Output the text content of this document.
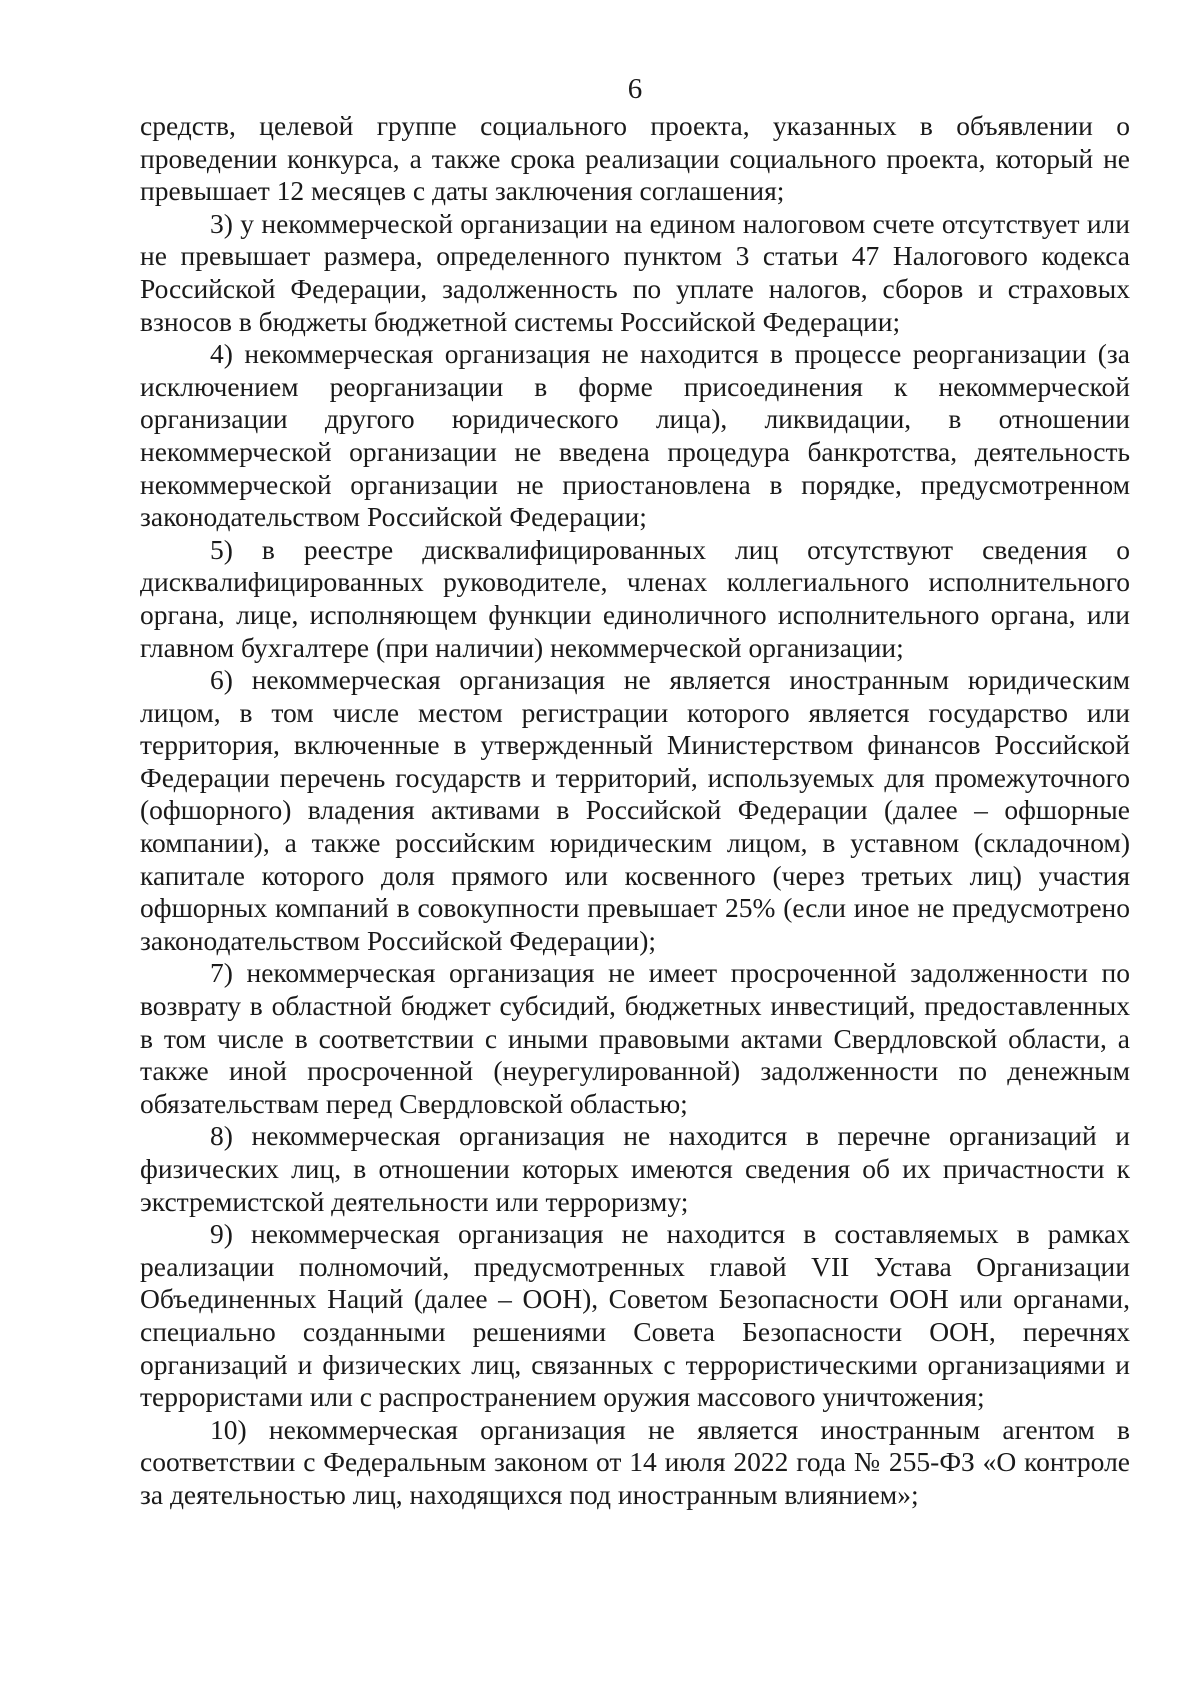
6

средств, целевой группе социального проекта, указанных в объявлении о проведении конкурса, а также срока реализации социального проекта, который не превышает 12 месяцев с даты заключения соглашения;

3) у некоммерческой организации на едином налоговом счете отсутствует или не превышает размера, определенного пунктом 3 статьи 47 Налогового кодекса Российской Федерации, задолженность по уплате налогов, сборов и страховых взносов в бюджеты бюджетной системы Российской Федерации;

4) некоммерческая организация не находится в процессе реорганизации (за исключением реорганизации в форме присоединения к некоммерческой организации другого юридического лица), ликвидации, в отношении некоммерческой организации не введена процедура банкротства, деятельность некоммерческой организации не приостановлена в порядке, предусмотренном законодательством Российской Федерации;

5) в реестре дисквалифицированных лиц отсутствуют сведения о дисквалифицированных руководителе, членах коллегиального исполнительного органа, лице, исполняющем функции единоличного исполнительного органа, или главном бухгалтере (при наличии) некоммерческой организации;

6) некоммерческая организация не является иностранным юридическим лицом, в том числе местом регистрации которого является государство или территория, включенные в утвержденный Министерством финансов Российской Федерации перечень государств и территорий, используемых для промежуточного (офшорного) владения активами в Российской Федерации (далее – офшорные компании), а также российским юридическим лицом, в уставном (складочном) капитале которого доля прямого или косвенного (через третьих лиц) участия офшорных компаний в совокупности превышает 25% (если иное не предусмотрено законодательством Российской Федерации);

7) некоммерческая организация не имеет просроченной задолженности по возврату в областной бюджет субсидий, бюджетных инвестиций, предоставленных в том числе в соответствии с иными правовыми актами Свердловской области, а также иной просроченной (неурегулированной) задолженности по денежным обязательствам перед Свердловской областью;

8) некоммерческая организация не находится в перечне организаций и физических лиц, в отношении которых имеются сведения об их причастности к экстремистской деятельности или терроризму;

9) некоммерческая организация не находится в составляемых в рамках реализации полномочий, предусмотренных главой VII Устава Организации Объединенных Наций (далее – ООН), Советом Безопасности ООН или органами, специально созданными решениями Совета Безопасности ООН, перечнях организаций и физических лиц, связанных с террористическими организациями и террористами или с распространением оружия массового уничтожения;

10) некоммерческая организация не является иностранным агентом в соответствии с Федеральным законом от 14 июля 2022 года № 255-ФЗ «О контроле за деятельностью лиц, находящихся под иностранным влиянием»;
